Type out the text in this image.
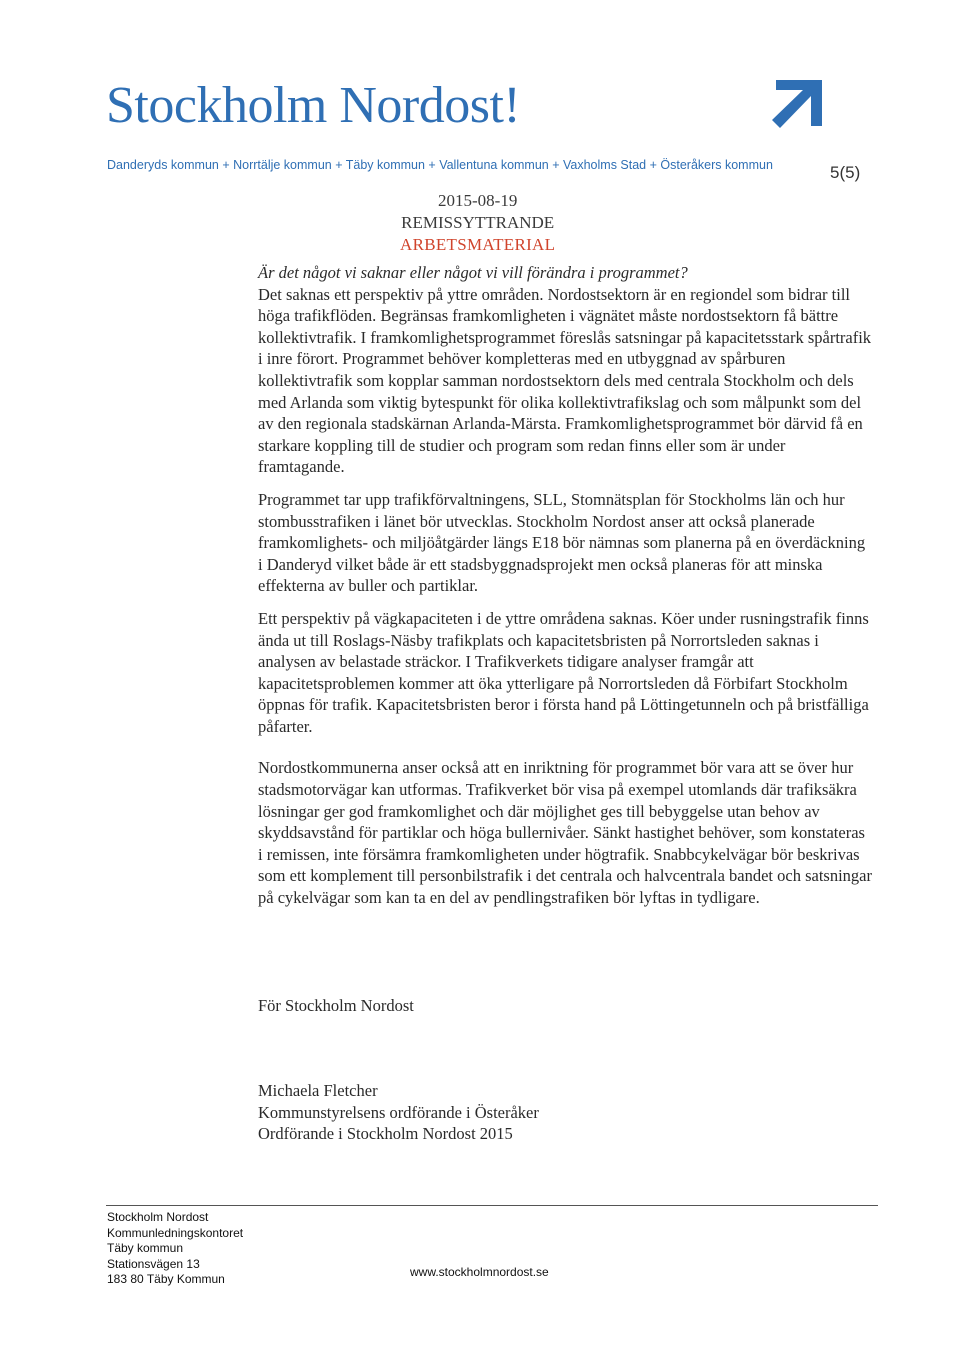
Stockholm Nordost!
Danderyds kommun + Norrtälje kommun + Täby kommun + Vallentuna kommun + Vaxholms Stad + Österåkers kommun	5(5)
2015-08-19
REMISSYTTRANDE
ARBETSMATERIAL
Är det något vi saknar eller något vi vill förändra i programmet?

Det saknas ett perspektiv på yttre områden. Nordostsektorn är en regiondel som bidrar till höga trafikflöden. Begränsas framkomligheten i vägnätet måste nordostsektorn få bättre kollektivtrafik. I framkomlighetsprogrammet föreslås satsningar på kapacitetsstark spårtrafik i inre förort. Programmet behöver kompletteras med en utbyggnad av spårburen kollektivtrafik som kopplar samman nordostsektorn dels med centrala Stockholm och dels med Arlanda som viktig bytespunkt för olika kollektivtrafikslag och som målpunkt som del av den regionala stadskärnan Arlanda-Märsta. Framkomlighetsprogrammet bör därvid få en starkare koppling till de studier och program som redan finns eller som är under framtagande.

Programmet tar upp trafikförvaltningens, SLL, Stomnätsplan för Stockholms län och hur stombusstrafiken i länet bör utvecklas. Stockholm Nordost anser att också planerade framkomlighets- och miljöåtgärder längs E18 bör nämnas som planerna på en överdäckning i Danderyd vilket både är ett stadsbyggnadsprojekt men också planeras för att minska effekterna av buller och partiklar.

Ett perspektiv på vägkapaciteten i de yttre områdena saknas. Köer under rusningstrafik finns ända ut till Roslags-Näsby trafikplats och kapacitetsbristen på Norrortsleden saknas i analysen av belastade sträckor. I Trafikverkets tidigare analyser framgår att kapacitetsproblemen kommer att öka ytterligare på Norrortsleden då Förbifart Stockholm öppnas för trafik. Kapacitetsbristen beror i första hand på Löttingetunneln och på bristfälliga påfarter.

Nordostkommunerna anser också att en inriktning för programmet bör vara att se över hur stadsmotorvägar kan utformas. Trafikverket bör visa på exempel utomlands där trafiksäkra lösningar ger god framkomlighet och där möjlighet ges till bebyggelse utan behov av skyddsavstånd för partiklar och höga bullernivåer. Sänkt hastighet behöver, som konstateras i remissen, inte försämra framkomligheten under högtrafik. Snabbcykelvägar bör beskrivas som ett komplement till personbilstrafik i det centrala och halvcentrala bandet och satsningar på cykelvägar som kan ta en del av pendlingstrafiken bör lyftas in tydligare.

För Stockholm Nordost
Michaela Fletcher
Kommunstyrelsens ordförande i Österåker
Ordförande i Stockholm Nordost 2015
Stockholm Nordost
Kommunledningskontoret
Täby kommun
Stationsvägen 13
183 80 Täby Kommun	www.stockholmnordost.se
